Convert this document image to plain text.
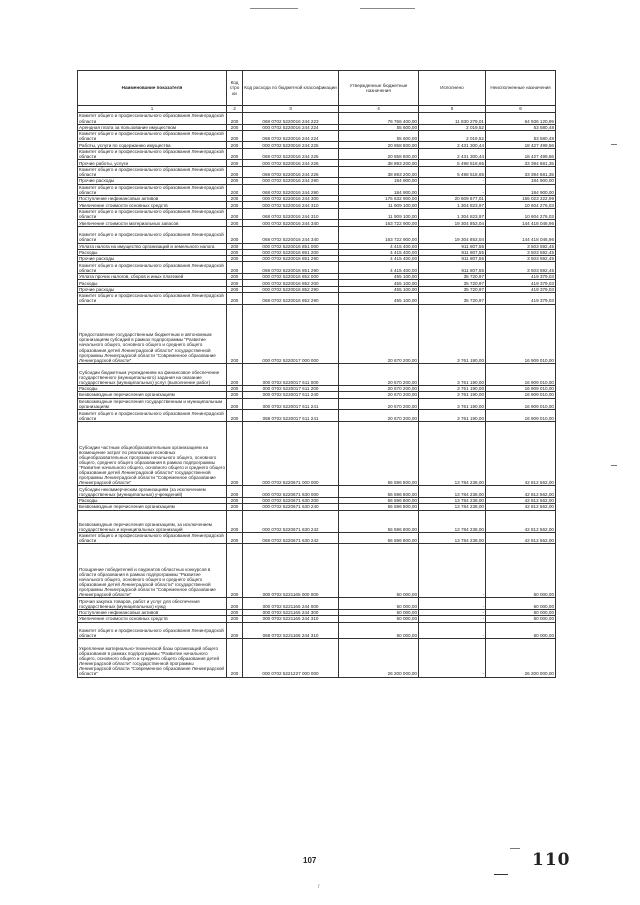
Наименование показателя	Код стро ки	Код расхода по бюджетной классификации	Утвержденные бюджетные назначения	Исполнено	Неисполненные назначения
1	2	3	4	5	6
Комитет общего и профессионального образования Ленинградской области	200	068 0702 5220016 244 223	76 766 400,00	11 830 279,01	64 936 120,99
Арендная плата за пользование имуществом	200	000 0702 5220016 244 224	55 600,00	2 019,52	53 580,48
Комитет общего и профессионального образования Ленинградской области	200	068 0702 5220016 244 224	55 600,00	2 019,52	53 580,48
Работы, услуги по содержанию имущества	200	000 0702 5220016 244 225	20 858 800,00	2 431 300,44	18 427 499,56
Комитет общего и профессионального образования Ленинградской области	200	068 0702 5220016 244 225	20 858 800,00	2 431 300,44	18 427 499,56
Прочие работы, услуги	200	000 0702 5220016 244 226	38 893 200,00	5 498 518,65	33 394 681,35
Комитет общего и профессионального образования Ленинградской области	200	068 0702 5220016 244 226	38 893 200,00	5 498 518,65	33 394 681,35
Прочие расходы	200	000 0702 5220016 244 290	184 900,00	-	184 900,00
Комитет общего и профессионального образования Ленинградской области	200	068 0702 5220016 244 290	184 900,00	-	184 900,00
Поступление нефинансовых активов	200	000 0702 5220016 244 300	175 632 900,00	20 609 677,01	155 023 222,99
Увеличение стоимости основных средств	200	000 0702 5220016 244 310	11 909 100,00	1 304 823,97	10 604 276,03
Комитет общего и профессионального образования Ленинградской области	200	068 0702 5220016 244 310	11 909 100,00	1 304 823,97	10 604 276,03
Увеличение стоимости материальных запасов	200	000 0702 5220016 244 340	163 722 900,00	19 304 853,04	144 418 046,96
Комитет общего и профессионального образования Ленинградской области	200	068 0702 5220016 244 340	163 722 900,00	19 304 853,04	144 418 046,96
Уплата налога на имущество организаций и земельного налога	200	000 0702 5220016 851 000	4 415 400,00	911 807,55	3 503 592,45
Расходы	200	000 0702 5220016 851 200	4 415 400,00	911 807,55	3 503 592,45
Прочие расходы	200	000 0702 5220016 851 290	4 415 400,00	911 807,55	3 503 592,45
Комитет общего и профессионального образования Ленинградской области	200	068 0702 5220016 851 290	4 415 400,00	911 807,55	3 503 592,45
Уплата прочих налогов, сборов и иных платежей	200	000 0702 5220016 852 000	455 100,00	35 720,97	419 379,03
Расходы	200	000 0702 5220016 852 200	455 100,00	35 720,97	419 379,03
Прочие расходы	200	000 0702 5220016 852 290	455 100,00	35 720,97	419 379,03
Комитет общего и профессионального образования Ленинградской области	200	068 0702 5220016 852 290	455 100,00	35 720,97	419 379,03
Предоставление государственным бюджетным и автономным организациям субсидий в рамках подпрограммы "Развитие начального общего, основного общего и среднего общего образования детей Ленинградской области" государственной программы Ленинградской области "Современное образование Ленинградской области"	200	000 0702 5220017 000 000	20 670 200,00	3 761 190,00	16 909 010,00
Субсидии бюджетным учреждениям на финансовое обеспечение государственного (муниципального) задания на оказание государственных (муниципальных) услуг (выполнение работ)	200	000 0702 5220017 611 000	20 670 200,00	3 761 190,00	16 909 010,00
Расходы	200	000 0702 5220017 611 200	20 670 200,00	3 761 190,00	16 909 010,00
Безвозмездные перечисления организациям	200	000 0702 5220017 611 240	20 670 200,00	3 761 190,00	16 909 010,00
Безвозмездные перечисления государственным и муниципальным организациям	200	000 0702 5220017 611 241	20 670 200,00	3 761 190,00	16 909 010,00
Комитет общего и профессионального образования Ленинградской области	200	068 0702 5220017 611 241	20 670 200,00	3 761 190,00	16 909 010,00
Субсидии частным общеобразовательным организациям на возмещение затрат по реализации основных общеобразовательных программ начального общего, основного общего, среднего общего образования в рамках подпрограммы "Развитие начального общего, основного общего и среднего общего образования детей Ленинградской области" государственной программы Ленинградской области "Современное образование Ленинградской области"	200	000 0702 5220671 000 000	56 596 800,00	13 784 238,00	42 812 562,00
Субсидии некоммерческим организациям (за исключением государственных (муниципальных) учреждений)	200	000 0702 5220671 630 000	56 596 800,00	13 784 238,00	42 812 562,00
Расходы	200	000 0702 5220671 630 200	56 596 800,00	13 784 238,00	42 812 562,00
Безвозмездные перечисления организациям	200	000 0702 5220671 630 240	56 596 800,00	13 784 238,00	42 812 562,00
Безвозмездные перечисления организациям, за исключением государственных и муниципальных организаций	200	000 0702 5220671 630 242	56 596 800,00	13 784 238,00	42 812 562,00
Комитет общего и профессионального образования Ленинградской области	200	068 0702 5220671 630 242	56 596 800,00	13 784 238,00	42 812 562,00
Поощрение победителей и лауреатов областных конкурсов в области образования в рамках подпрограммы "Развитие начального общего, основного общего и среднего общего образования детей Ленинградской области" государственной программы Ленинградской области "Современное образование Ленинградской области"	200	000 0702 5221165 000 000	60 000,00	-	60 000,00
Прочая закупка товаров, работ и услуг для обеспечения государственных (муниципальных) нужд	200	000 0702 5221165 244 000	60 000,00	-	60 000,00
Поступление нефинансовых активов	200	000 0702 5221165 244 300	60 000,00	-	60 000,00
Увеличение стоимости основных средств	200	000 0702 5221165 244 310	60 000,00	-	60 000,00
Комитет общего и профессионального образования Ленинградской области	200	068 0702 5221165 244 310	60 000,00	-	60 000,00
Укрепление материально-технической базы организаций общего образования в рамках подпрограммы "Развитие начального общего, основного общего и среднего общего образования детей Ленинградской области" государственной программы Ленинградской области "Современное образование Ленинградской области"	200	000 0702 5221227 000 000	26 200 000,00	-	26 200 000,00
107	110
/
